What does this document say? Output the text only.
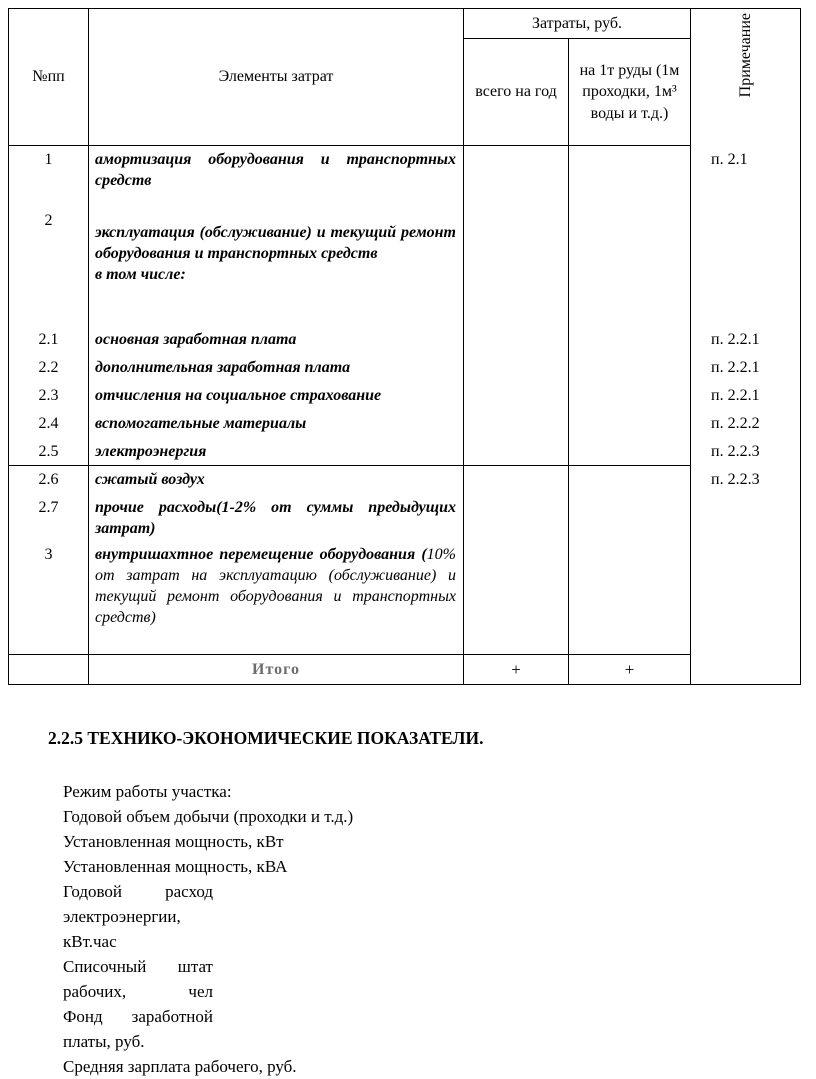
№пп	Элементы затрат	Затраты, руб.		Примечание

		всего на год	на 1т руды (1м проходки, 1м³ воды и т.д.)	
1	амортизация оборудования и транспортных средств			п. 2.1
2	эксплуатация (обслуживание) и текущий ремонт оборудования и транспортных средств
в том числе:			

2.1	основная заработная плата			п. 2.2.1
2.2	дополнительная заработная плата			п. 2.2.1
2.3	отчисления на социальное страхование			п. 2.2.1
2.4	вспомогательные материалы			п. 2.2.2
2.5	электроэнергия			п. 2.2.3
2.6	сжатый воздух			п. 2.2.3
2.7	прочие расходы(1-2% от суммы предыдущих затрат)			
3	внутришахтное перемещение оборудования (10% от затрат на эксплуатацию (обслуживание) и текущий ремонт оборудования и транспортных средств)			
	Итого	+	+	
2.2.5 ТЕХНИКО-ЭКОНОМИЧЕСКИЕ ПОКАЗАТЕЛИ.
Режим работы участка:
Годовой объем добычи (проходки и т.д.)
Установленная мощность, кВт
Установленная мощность, кВА
Годовой расход
электроэнергии,
кВт.час
Списочный штат
рабочих, чел
Фонд заработной
платы, руб.
Средняя зарплата рабочего, руб.
